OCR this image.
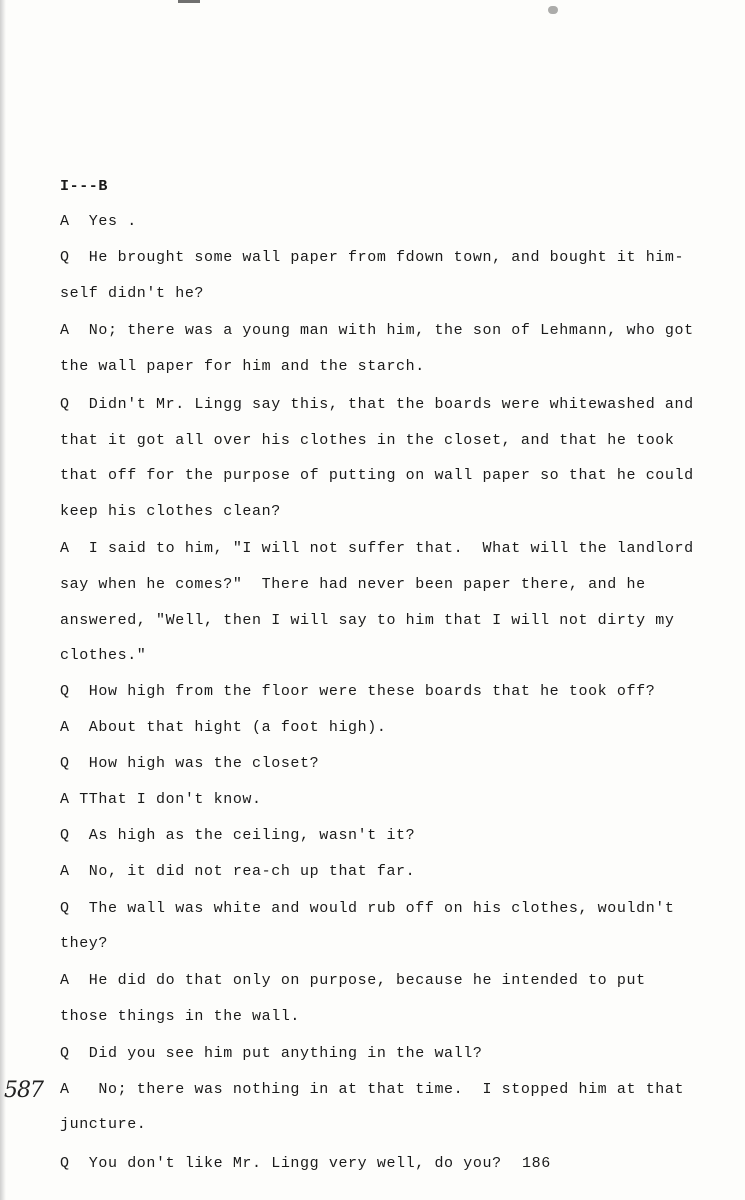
I---B
A  Yes .
Q  He brought some wall paper from fdown town, and bought it him-
self didn't he?
A  No; there was a young man with him, the son of Lehmann, who got
the wall paper for him and the starch.
Q  Didn't Mr. Lingg say this, that the boards were whitewashed and
that it got all over his clothes in the closet, and that he took
that off for the purpose of putting on wall paper so that he could
keep his clothes clean?
A  I said to him, "I will not suffer that.  What will the landlord
say when he comes?"  There had never been paper there, and he
answered, "Well, then I will say to him that I will not dirty my
clothes."
Q  How high from the floor were these boards that he took off?
A  About that hight (a foot high).
Q  How high was the closet?
A TThat I don't know.
Q  As high as the ceiling, wasn't it?
A  No, it did not rea-ch up that far.
Q  The wall was white and would rub off on his clothes, wouldn't
they?
A  He did do that only on purpose, because he intended to put
those things in the wall.
Q  Did you see him put anything in the wall?
A   No; there was nothing in at that time.  I stopped him at that
juncture.
Q  You don't like Mr. Lingg very well, do you? 186
587
